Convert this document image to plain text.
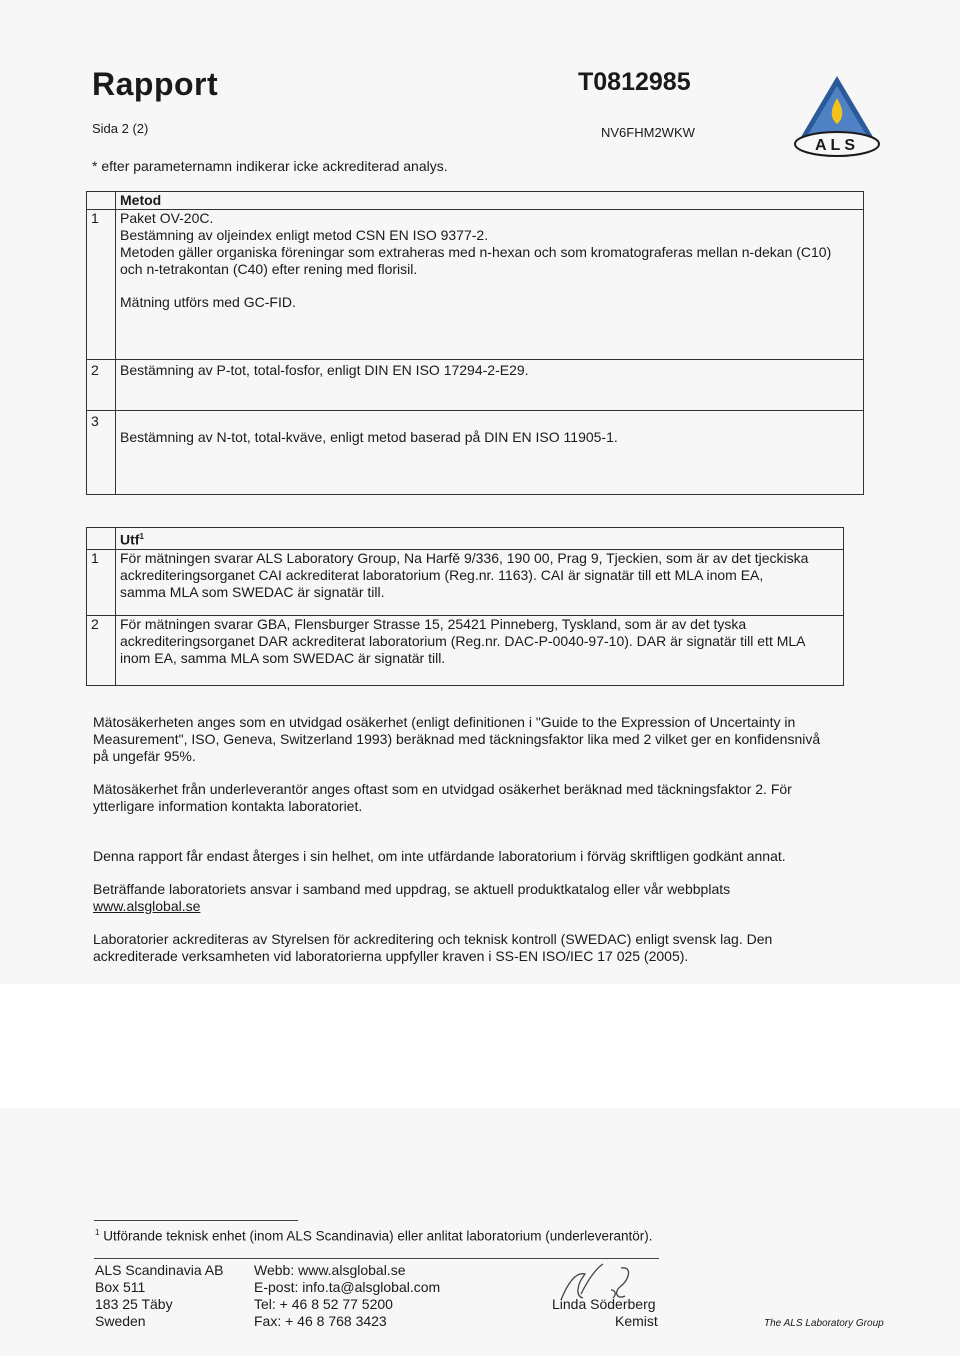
Rapport
Sida 2 (2)
T0812985
NV6FHM2WKW
ALS
* efter parameternamn indikerar icke ackrediterad analys.
	Metod
1	Paket OV-20C.
Bestämning av oljeindex enligt metod CSN EN ISO 9377-2.
Metoden gäller organiska föreningar som extraheras med n-hexan och som kromatograferas mellan n-dekan (C10)
och n-tetrakontan (C40) efter rening med florisil.
Mätning utförs med GC-FID.

2	Bestämning av P-tot, total-fosfor, enligt DIN EN ISO 17294-2-E29.
3	Bestämning av N-tot, total-kväve, enligt metod baserad på DIN EN ISO 11905-1.
	Utf$^1$
1	För mätningen svarar ALS Laboratory Group, Na Harfě 9/336, 190 00, Prag 9, Tjeckien, som är av det tjeckiska
ackrediteringsorganet CAI ackrediterat laboratorium (Reg.nr. 1163). CAI är signatär till ett MLA inom EA,
samma MLA som SWEDAC är signatär till.

2	För mätningen svarar GBA, Flensburger Strasse 15, 25421 Pinneberg, Tyskland, som är av det tyska
ackrediteringsorganet DAR ackrediterat laboratorium (Reg.nr. DAC-P-0040-97-10). DAR är signatär till ett MLA
inom EA, samma MLA som SWEDAC är signatär till.
Mätosäkerheten anges som en utvidgad osäkerhet (enligt definitionen i "Guide to the Expression of Uncertainty in
Measurement", ISO, Geneva, Switzerland 1993) beräknad med täckningsfaktor lika med 2 vilket ger en konfidensnivå
på ungefär 95%.
Mätosäkerhet från underleverantör anges oftast som en utvidgad osäkerhet beräknad med täckningsfaktor 2. För
ytterligare information kontakta laboratoriet.
Denna rapport får endast återges i sin helhet, om inte utfärdande laboratorium i förväg skriftligen godkänt annat.
Beträffande laboratoriets ansvar i samband med uppdrag, se aktuell produktkatalog eller vår webbplats
www.alsglobal.se
Laboratorier ackrediteras av Styrelsen för ackreditering och teknisk kontroll (SWEDAC) enligt svensk lag. Den
ackrediterade verksamheten vid laboratorierna uppfyller kraven i SS-EN ISO/IEC 17 025 (2005).
$^1$ Utförande teknisk enhet (inom ALS Scandinavia) eller anlitat laboratorium (underleverantör).
ALS Scandinavia AB
Box 511
183 25 Täby
Sweden
Webb: www.alsglobal.se
E-post: info.ta@alsglobal.com
Tel: + 46 8 52 77 5200
Fax: + 46 8 768 3423
Linda Söderberg
Kemist	The ALS Laboratory Group
